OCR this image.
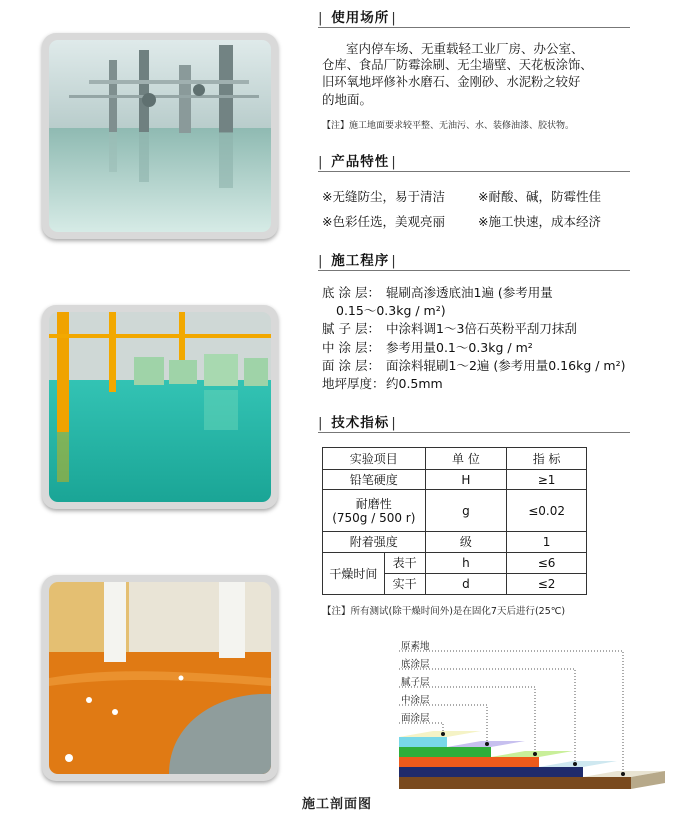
| 使用场所 |
室内停车场、无重载轻工业厂房、办公室、
仓库、食品厂防霉涂刷、无尘墙壁、天花板涂饰、
旧环氧地坪修补水磨石、金刚砂、水泥粉之较好
的地面。
【注】施工地面要求较平整、无油污、水、装修油漆、胶状物。
| 产品特性 |
※无缝防尘，易于清洁	※耐酸、碱，防霉性佳
※色彩任选，美观亮丽	※施工快速，成本经济
| 施工程序 |
底 涂 层： 辊刷高渗透底油1遍 (参考用量
0.15～0.3kg / m²)
腻 子 层： 中涂料调1～3倍石英粉平刮刀抹刮
中 涂 层： 参考用量0.1～0.3kg / m²
面 涂 层： 面涂料辊刷1～2遍 (参考用量0.16kg / m²)
地坪厚度：约0.5mm
| 技术指标 |
实验项目		单 位	指 标
铅笔硬度		H	≥1

耐磨性
(750g / 500 r)		g	≤0.02
附着强度		级	1
干燥时间	表干	h	≤6
	实干	d	≤2
【注】所有测试(除干燥时间外)是在固化7天后进行(25℃)
原素地
底涂层
腻子层
中涂层
面涂层
施工剖面图
